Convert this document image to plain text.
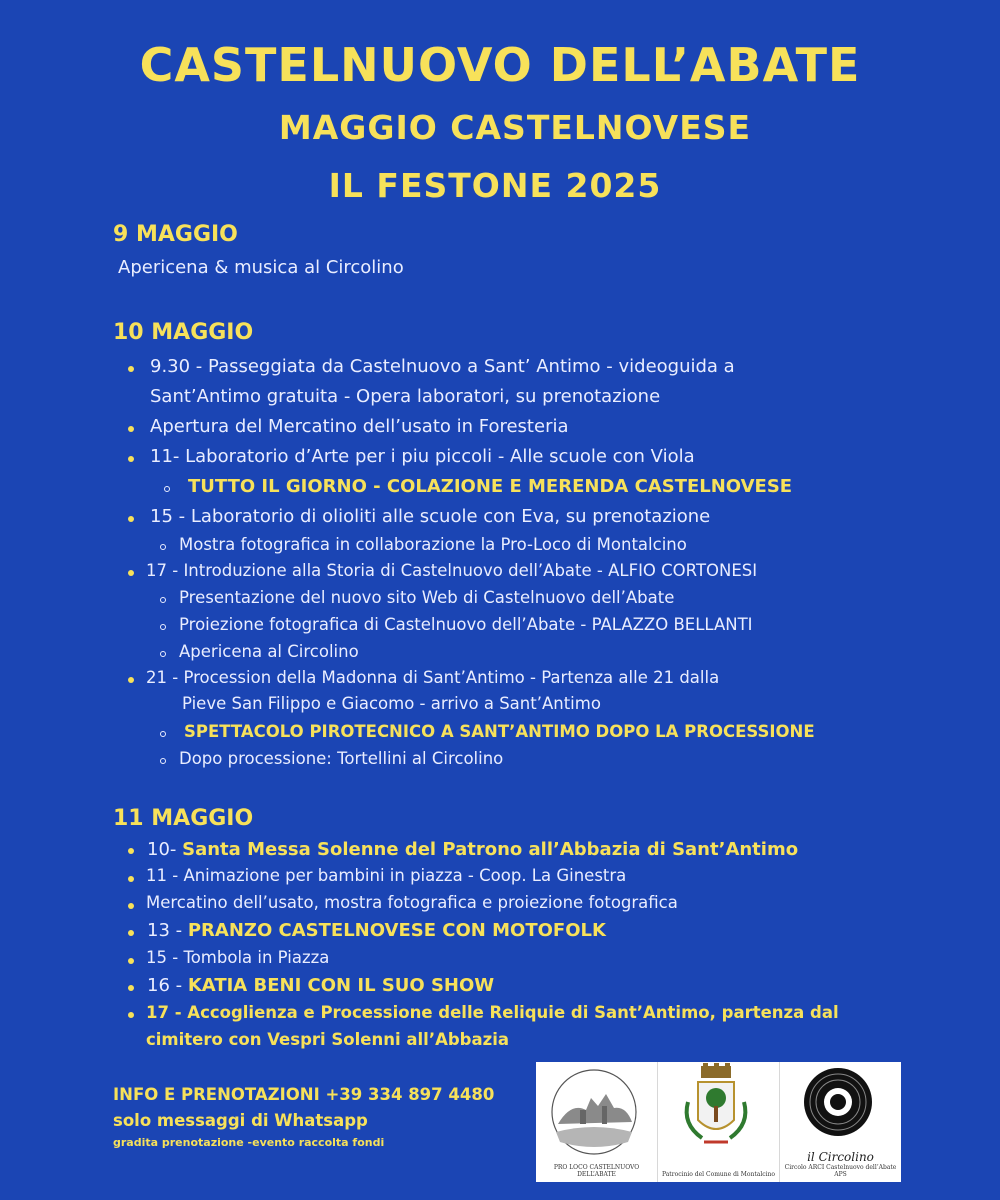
CASTELNUOVO DELL’ABATE
MAGGIO CASTELNOVESE
IL FESTONE 2025
9 MAGGIO
Apericena & musica al Circolino
10 MAGGIO
9.30 - Passeggiata da Castelnuovo a Sant’ Antimo - videoguida a
Sant’Antimo gratuita - Opera laboratori, su prenotazione
Apertura del Mercatino dell’usato in Foresteria
11- Laboratorio d’Arte per i piu piccoli - Alle scuole con Viola
TUTTO IL GIORNO - COLAZIONE E MERENDA CASTELNOVESE
15 - Laboratorio di olioliti alle scuole con Eva, su prenotazione
Mostra fotografica in collaborazione la Pro-Loco di Montalcino
17 - Introduzione alla Storia di Castelnuovo dell’Abate - ALFIO CORTONESI
Presentazione del nuovo sito Web di Castelnuovo dell’Abate
Proiezione fotografica di Castelnuovo dell’Abate - PALAZZO BELLANTI
Apericena al Circolino
21 - Procession della Madonna di Sant’Antimo - Partenza alle 21 dalla
Pieve San Filippo e Giacomo - arrivo a Sant’Antimo
SPETTACOLO PIROTECNICO A SANT’ANTIMO DOPO LA PROCESSIONE
Dopo processione: Tortellini al Circolino
11 MAGGIO
10- Santa Messa Solenne del Patrono all’Abbazia di Sant’Antimo
11 - Animazione per bambini in piazza - Coop. La Ginestra
Mercatino dell’usato, mostra fotografica e proiezione fotografica
13 - PRANZO CASTELNOVESE CON MOTOFOLK
15 - Tombola in Piazza
16 - KATIA BENI CON IL SUO SHOW
17 - Accoglienza e Processione delle Reliquie di Sant’Antimo, partenza dal
cimitero con Vespri Solenni all’Abbazia
INFO E PRENOTAZIONI +39 334 897 4480
solo messaggi di Whatsapp
gradita prenotazione -evento raccolta fondi
PRO LOCO CASTELNUOVO DELL’ABATE	Patrocinio del Comune di Montalcino
il Circolino
Circolo ARCI Castelnuovo dell’Abate APS
